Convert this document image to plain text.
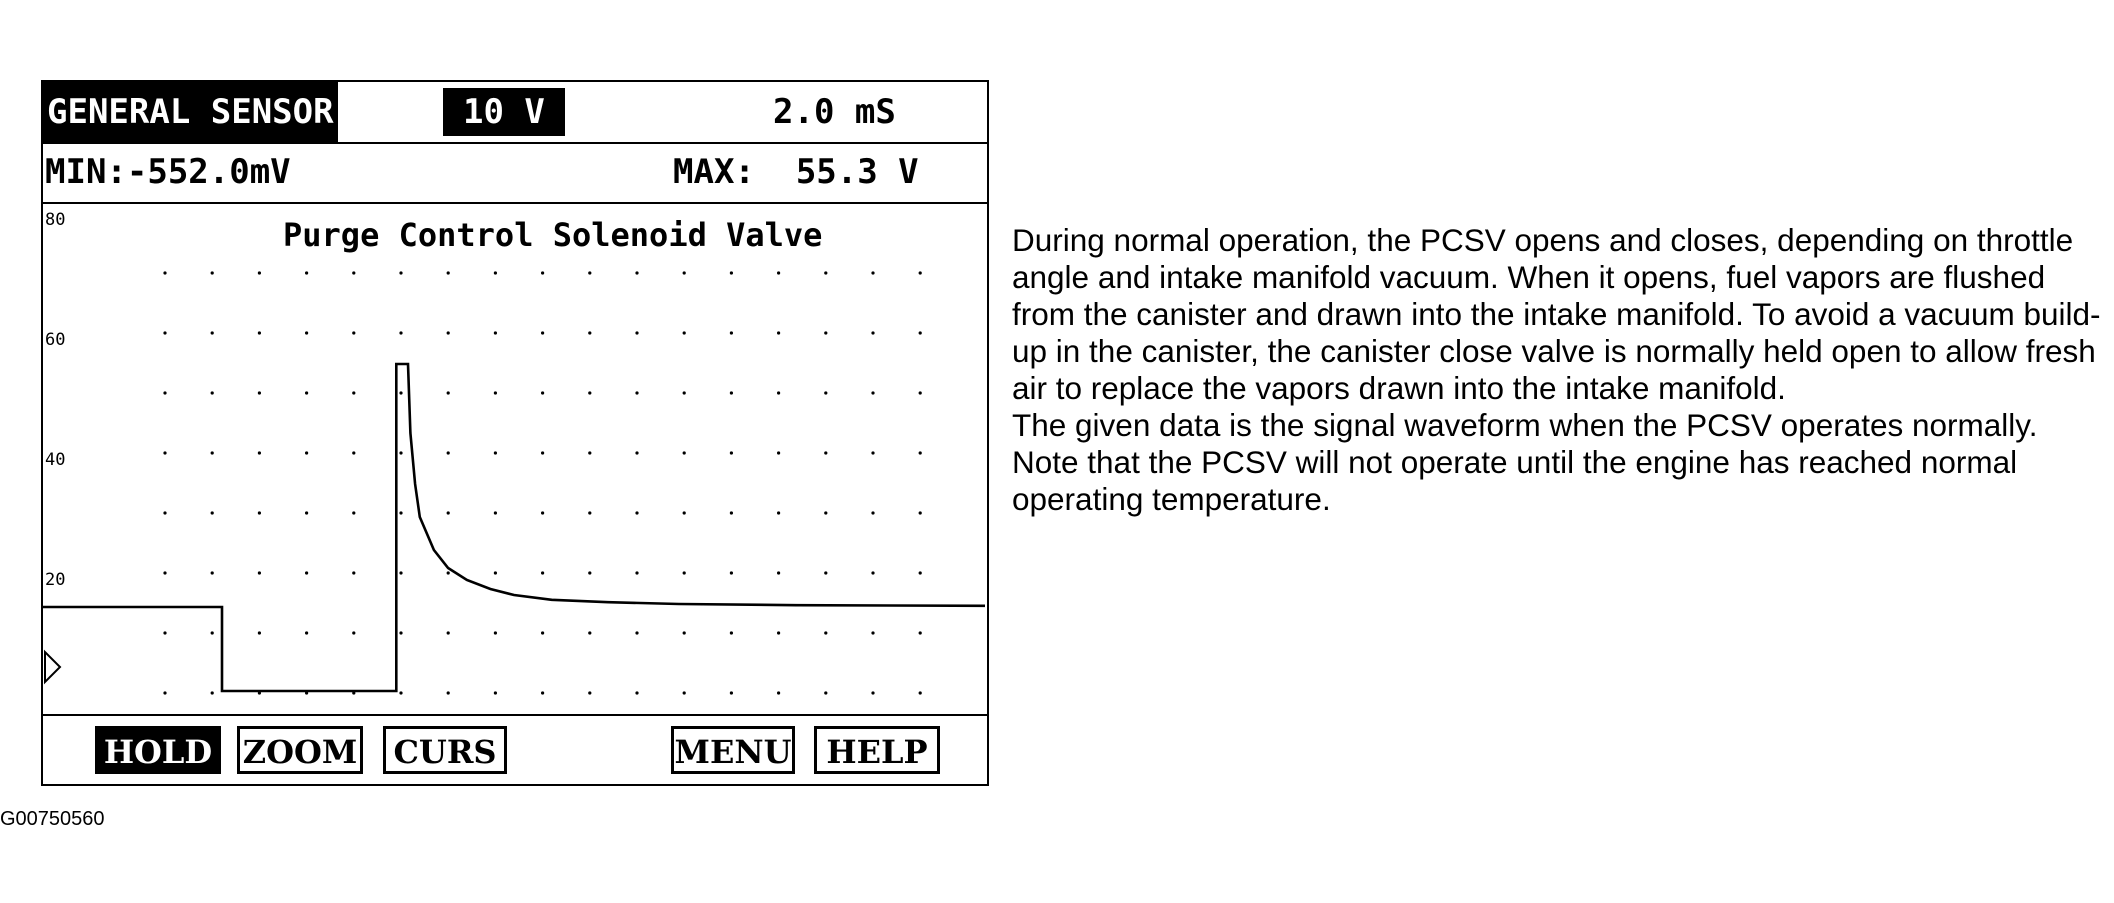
GENERAL SENSOR	10 V	2.0 mS
MIN:-552.0mV	MAX:  55.3 V
80
60
40
20
Purge Control Solenoid Valve
HOLD ZOOM	CURS	MENU	HELP

During normal operation, the PCSV opens and closes, depending on throttle angle and intake manifold vacuum. When it opens, fuel vapors are flushed from the canister and drawn into the intake manifold. To avoid a vacuum build-up in the canister, the canister close valve is normally held open to allow fresh air to replace the vapors drawn into the intake manifold.

The given data is the signal waveform when the PCSV operates normally. Note that the PCSV will not operate until the engine has reached normal operating temperature.

G00750560
